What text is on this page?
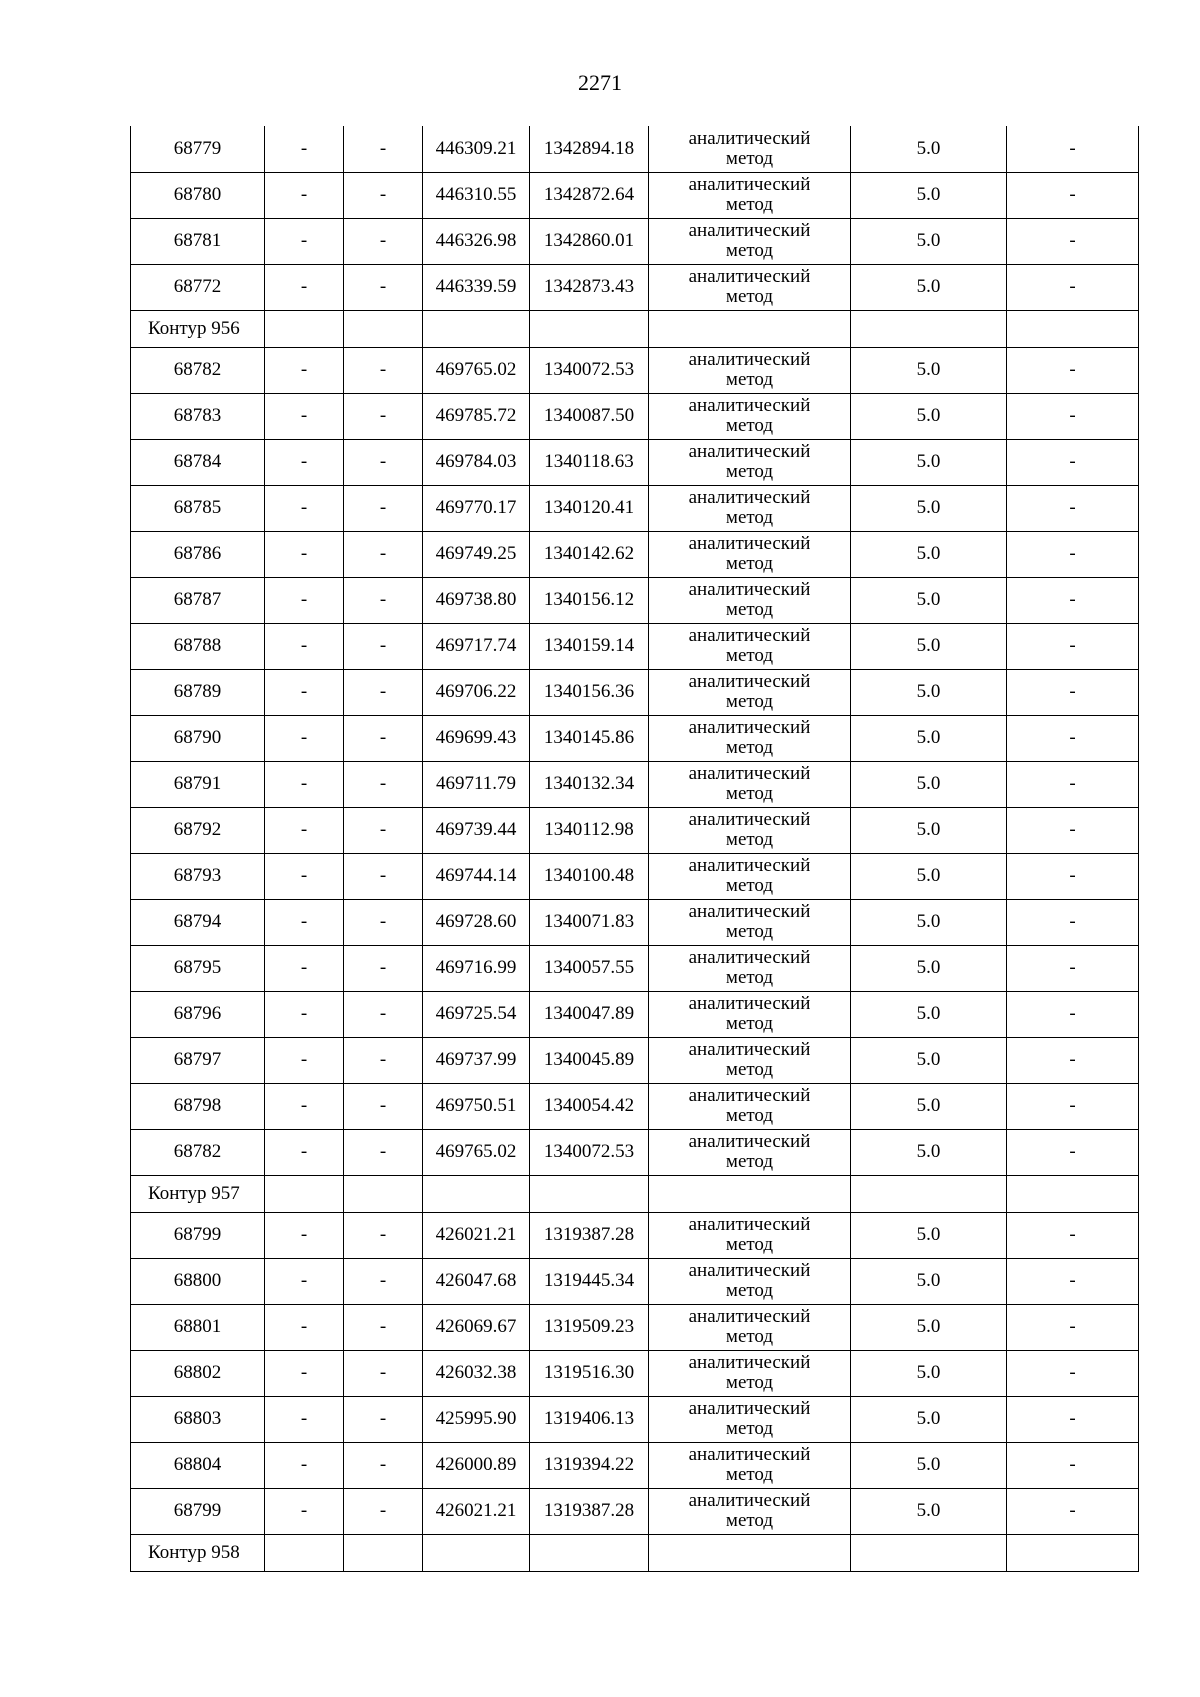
2271
68779	-	-	446309.21	1342894.18	аналитический
метод	5.0	-
68780	-	-	446310.55	1342872.64	аналитический
метод	5.0	-
68781	-	-	446326.98	1342860.01	аналитический
метод	5.0	-
68772	-	-	446339.59	1342873.43	аналитический
метод	5.0	-
Контур 956							
68782	-	-	469765.02	1340072.53	аналитический
метод	5.0	-
68783	-	-	469785.72	1340087.50	аналитический
метод	5.0	-
68784	-	-	469784.03	1340118.63	аналитический
метод	5.0	-
68785	-	-	469770.17	1340120.41	аналитический
метод	5.0	-
68786	-	-	469749.25	1340142.62	аналитический
метод	5.0	-
68787	-	-	469738.80	1340156.12	аналитический
метод	5.0	-
68788	-	-	469717.74	1340159.14	аналитический
метод	5.0	-
68789	-	-	469706.22	1340156.36	аналитический
метод	5.0	-
68790	-	-	469699.43	1340145.86	аналитический
метод	5.0	-
68791	-	-	469711.79	1340132.34	аналитический
метод	5.0	-
68792	-	-	469739.44	1340112.98	аналитический
метод	5.0	-
68793	-	-	469744.14	1340100.48	аналитический
метод	5.0	-
68794	-	-	469728.60	1340071.83	аналитический
метод	5.0	-
68795	-	-	469716.99	1340057.55	аналитический
метод	5.0	-
68796	-	-	469725.54	1340047.89	аналитический
метод	5.0	-
68797	-	-	469737.99	1340045.89	аналитический
метод	5.0	-
68798	-	-	469750.51	1340054.42	аналитический
метод	5.0	-
68782	-	-	469765.02	1340072.53	аналитический
метод	5.0	-
Контур 957							
68799	-	-	426021.21	1319387.28	аналитический
метод	5.0	-
68800	-	-	426047.68	1319445.34	аналитический
метод	5.0	-
68801	-	-	426069.67	1319509.23	аналитический
метод	5.0	-
68802	-	-	426032.38	1319516.30	аналитический
метод	5.0	-
68803	-	-	425995.90	1319406.13	аналитический
метод	5.0	-
68804	-	-	426000.89	1319394.22	аналитический
метод	5.0	-
68799	-	-	426021.21	1319387.28	аналитический
метод	5.0	-
Контур 958							
